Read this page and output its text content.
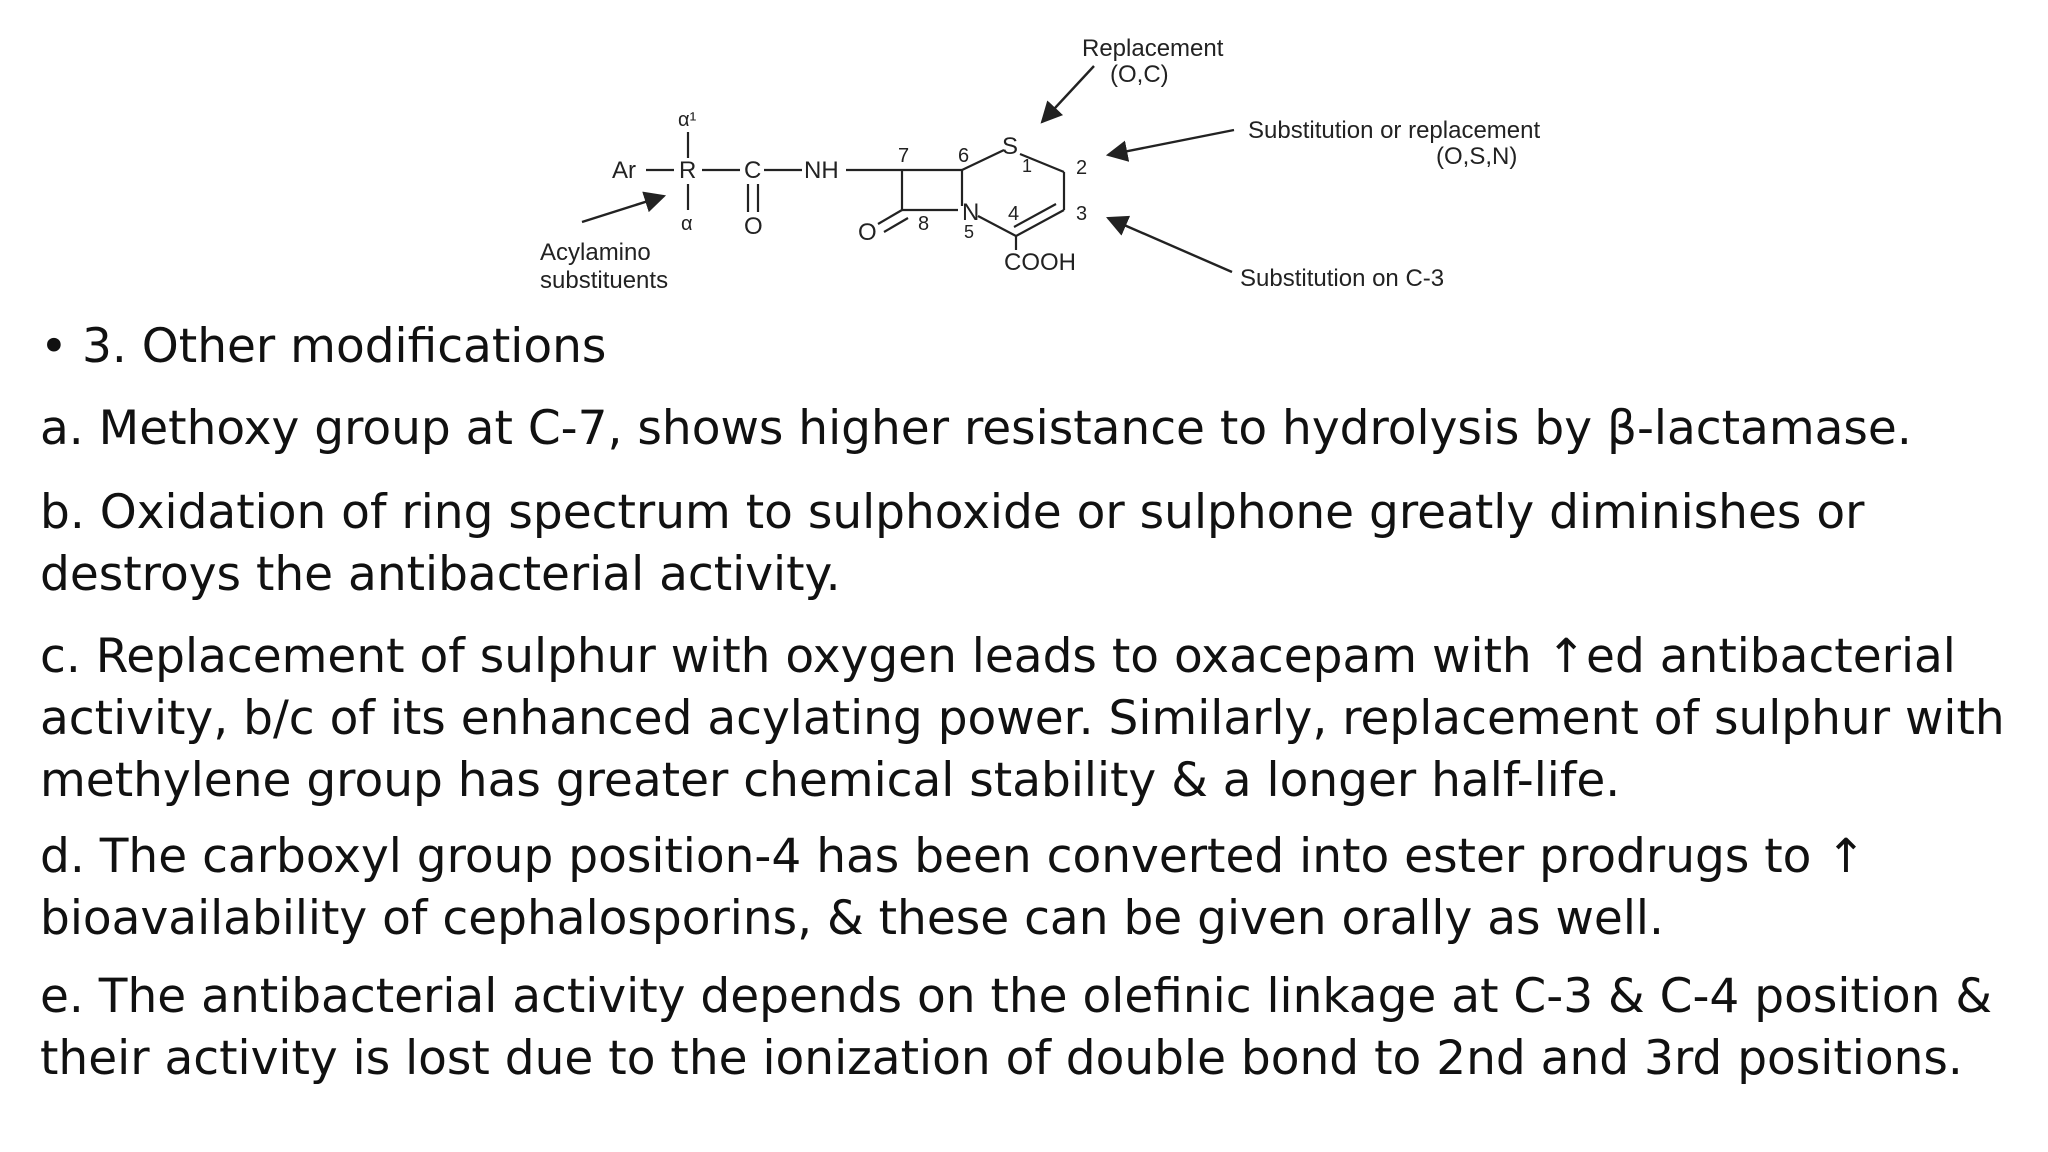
Replacement
(O,C)
Substitution or replacement
(O,S,N)
Substitution on C-3
Acylamino
substituents
α¹
Ar R
α
C
O
NH
O
S
N
COOH
7 6	1 2
3
4
5
8
• 3. Other modifications
a. Methoxy group at C-7, shows higher resistance to hydrolysis by β-lactamase.
b. Oxidation of ring spectrum to sulphoxide or sulphone greatly diminishes or destroys the antibacterial activity.
c. Replacement of sulphur with oxygen leads to oxacepam with ↑ed antibacterial activity, b/c of its enhanced acylating power. Similarly, replacement of sulphur with methylene group has greater chemical stability & a longer half-life.
d. The carboxyl group position-4 has been converted into ester prodrugs to ↑ bioavailability of cephalosporins, & these can be given orally as well.
e. The antibacterial activity depends on the olefinic linkage at C-3 & C-4 position & their activity is lost due to the ionization of double bond to 2nd and 3rd positions.
